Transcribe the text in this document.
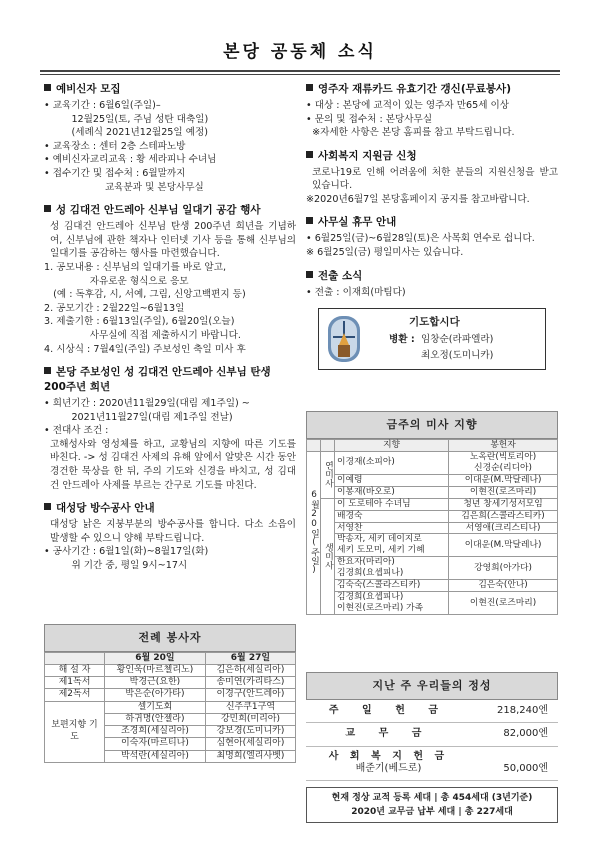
본당 공동체 소식
예비신자 모집
• 교육기간 : 6월6일(주일)–
12월25일(토, 주님 성탄 대축일)
(세례식 2021년12월25일 예정)
• 교육장소 : 센터 2층 스테파노방
• 예비신자교리교육 : 황 세라피나 수녀님
• 접수기간 및 접수처 : 6월말까지
교육분과 및 본당사무실
성 김대건 안드레아 신부님 일대기 공감 행사
성 김대건 안드레아 신부님 탄생 200주년 희년을 기념하여, 신부님에 관한 책자나 인터넷 기사 등을 통해 신부님의 일대기를 공감하는 행사를 마련했습니다.
1. 공모내용 : 신부님의 일대기를 바로 알고,
자유로운 형식으로 응모
(예 : 독후감, 시, 서예, 그림, 신앙고백편지 등)
2. 공모기간 : 2월22일~6월13일
3. 제출기한 : 6월13일(주일), 6월20일(오늘)
사무실에 직접 제출하시기 바랍니다.
4. 시상식 : 7월4일(주일) 주보성인 축일 미사 후
본당 주보성인 성 김대건 안드레아 신부님 탄생 200주년 희년
• 희년기간 : 2020년11월29일(대림 제1주일) ~
2021년11월27일(대림 제1주일 전날)
• 전대사 조건 :
고해성사와 영성체를 하고, 교황님의 지향에 따른 기도를 바친다. -> 성 김대건 사제의 유해 앞에서 알맞은 시간 동안 경건한 묵상을 한 뒤, 주의 기도와 신경을 바치고, 성 김대건 안드레아 사제를 부르는 간구로 기도를 마친다.
대성당 방수공사 안내
대성당 낡은 지붕부분의 방수공사를 합니다. 다소 소음이 발생할 수 있으니 양해 부탁드립니다.
• 공사기간 : 6월1일(화)~8월17일(화)
위 기간 중, 평일 9시~17시
전례 봉사자
	6월 20일	6월 27일
해 설 자	황인욱(마르첼리노)	김은하(세실리아)
제1독서	박경근(요한)	송미연(카리타스)
제2독서	박은순(아가타)	이경구(안드레아)
보편지향 기 도	셀기도회	신주쿠1구역
	하귀명(안젤라)	강민희(미리아)
	조경희(세실리아)	강보경(도미니카)
	이숙자(마르티나)	심현아(세실리아)
	박석란(세실리아)	최명희(엘리사벳)
영주자 재류카드 유효기간 갱신(무료봉사)
• 대상 : 본당에 교적이 있는 영주자 만65세 이상
• 문의 및 접수처 : 본당사무실
※자세한 사항은 본당 홈피를 참고 부탁드립니다.
사회복지 지원금 신청
코로나19로 인해 어려움에 처한 분들의 지원신청을 받고 있습니다.
※2020년6월7일 본당홈페이지 공지를 참고바랍니다.
사무실 휴무 안내
• 6월25일(금)~6월28일(토)은 사목회 연수로 쉽니다.
※ 6월25일(금) 평일미사는 있습니다.
전출 소식
• 전출 : 이재희(마팀다)
기도합시다
병환 : 임창순(라파엘라)
최오정(도미니카)
금주의 미사 지향
		지향	봉헌자
6월20일(주일)	연미사	이경재(소피아)	노옥란(빅토리아)
신경순(리디아)
		이예령	이대운(M.막달레나)
		이봉재(바오로)	이현진(로즈마리)
	생미사	이 도로테아 수녀님	청년 창세기성서모임
		배경숙	김은희(스콜라스티카)
		서영찬	서영애(크리스티나)
		박송자, 세키 데이지로
세키 도모미, 세키 기혜	이대운(M.막달레나)
		한요자(마리아)
김경희(요셉피나)	강영희(아가다)
		김숙숙(스콜라스티카)	김은숙(안나)
		김경희(요셉피나)
이현진(로즈마리) 가족	이현진(로즈마리)
지난 주 우리들의 정성
주 일 헌 금	218,240엔
교 무 금	82,000엔

사 회 복 지 헌 금
배준기(베드로)	50,000엔
현재 정상 교적 등록 세대 | 총 454세대 (3년기준)
2020년 교무금 납부 세대 | 총 227세대
